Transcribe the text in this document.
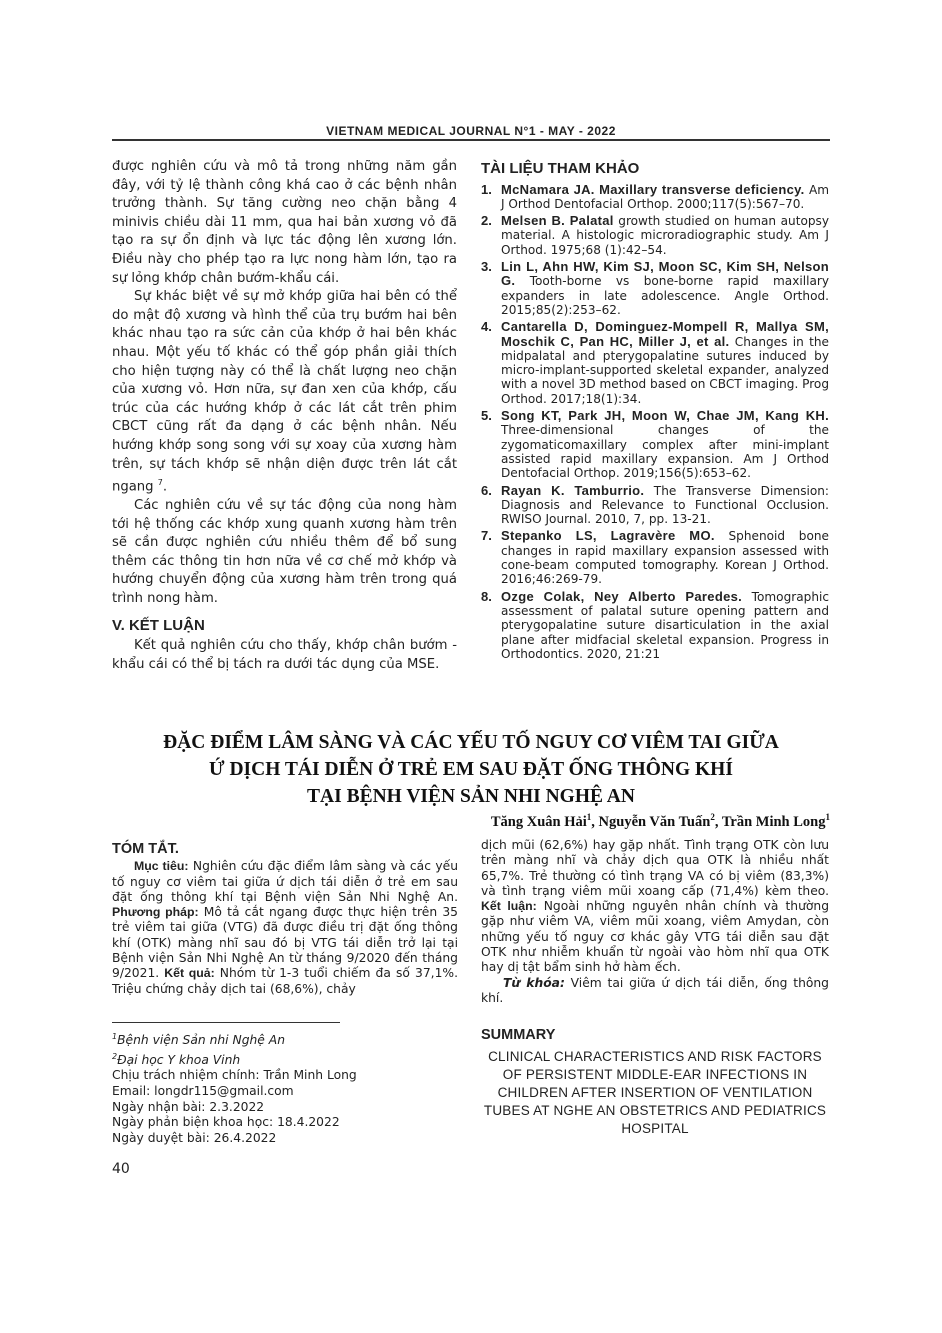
VIETNAM MEDICAL JOURNAL N°1 - MAY - 2022

được nghiên cứu và mô tả trong những năm gần đây, với tỷ lệ thành công khá cao ở các bệnh nhân trưởng thành. Sự tăng cường neo chặn bằng 4 minivis chiều dài 11 mm, qua hai bản xương vỏ đã tạo ra sự ổn định và lực tác động lên xương lớn. Điều này cho phép tạo ra lực nong hàm lớn, tạo ra sự lỏng khớp chân bướm-khẩu cái.

Sự khác biệt về sự mở khớp giữa hai bên có thể do mật độ xương và hình thể của trụ bướm hai bên khác nhau tạo ra sức cản của khớp ở hai bên khác nhau. Một yếu tố khác có thể góp phần giải thích cho hiện tượng này có thể là chất lượng neo chặn của xương vỏ. Hơn nữa, sự đan xen của khớp, cấu trúc của các hướng khớp ở các lát cắt trên phim CBCT cũng rất đa dạng ở các bệnh nhân. Nếu hướng khớp song song với sự xoay của xương hàm trên, sự tách khớp sẽ nhận diện được trên lát cắt ngang $^7$.

Các nghiên cứu về sự tác động của nong hàm tới hệ thống các khớp xung quanh xương hàm trên sẽ cần được nghiên cứu nhiều thêm để bổ sung thêm các thông tin hơn nữa về cơ chế mở khớp và hướng chuyển động của xương hàm trên trong quá trình nong hàm.

V. KẾT LUẬN

Kết quả nghiên cứu cho thấy, khớp chân bướm - khẩu cái có thể bị tách ra dưới tác dụng của MSE.

TÀI LIỆU THAM KHẢO
1. McNamara JA. Maxillary transverse deficiency. Am J Orthod Dentofacial Orthop. 2000;117(5):567–70.
2. Melsen B. Palatal growth studied on human autopsy material. A histologic microradiographic study. Am J Orthod. 1975;68 (1):42–54.
3. Lin L, Ahn HW, Kim SJ, Moon SC, Kim SH, Nelson G. Tooth-borne vs bone-borne rapid maxillary expanders in late adolescence. Angle Orthod. 2015;85(2):253–62.
4. Cantarella D, Dominguez-Mompell R, Mallya SM, Moschik C, Pan HC, Miller J, et al. Changes in the midpalatal and pterygopalatine sutures induced by micro-implant-supported skeletal expander, analyzed with a novel 3D method based on CBCT imaging. Prog Orthod. 2017;18(1):34.
5. Song KT, Park JH, Moon W, Chae JM, Kang KH. Three-dimensional changes of the zygomaticomaxillary complex after mini-implant assisted rapid maxillary expansion. Am J Orthod Dentofacial Orthop. 2019;156(5):653–62.
6. Rayan K. Tamburrio. The Transverse Dimension: Diagnosis and Relevance to Functional Occlusion. RWISO Journal. 2010, 7, pp. 13-21.
7. Stepanko LS, Lagravère MO. Sphenoid bone changes in rapid maxillary expansion assessed with cone-beam computed tomography. Korean J Orthod. 2016;46:269-79.
8. Ozge Colak, Ney Alberto Paredes. Tomographic assessment of palatal suture opening pattern and pterygopalatine suture disarticulation in the axial plane after midfacial skeletal expansion. Progress in Orthodontics. 2020, 21:21
ĐẶC ĐIỂM LÂM SÀNG VÀ CÁC YẾU TỐ NGUY CƠ VIÊM TAI GIỮA
Ứ DỊCH TÁI DIỄN Ở TRẺ EM SAU ĐẶT ỐNG THÔNG KHÍ
TẠI BỆNH VIỆN SẢN NHI NGHỆ AN
Tăng Xuân Hải$^1$, Nguyễn Văn Tuấn$^2$, Trần Minh Long$^1$
TÓM TẮT.

Mục tiêu: Nghiên cứu đặc điểm lâm sàng và các yếu tố nguy cơ viêm tai giữa ứ dịch tái diễn ở trẻ em sau đặt ống thông khí tại Bệnh viện Sản Nhi Nghệ An. Phương pháp: Mô tả cắt ngang được thực hiện trên 35 trẻ viêm tai giữa (VTG) đã được điều trị đặt ống thông khí (OTK) màng nhĩ sau đó bị VTG tái diễn trở lại tại Bệnh viện Sản Nhi Nghệ An từ tháng 9/2020 đến tháng 9/2021. Kết quả: Nhóm từ 1-3 tuổi chiếm đa số 37,1%. Triệu chứng chảy dịch tai (68,6%), chảy

dịch mũi (62,6%) hay gặp nhất. Tình trạng OTK còn lưu trên màng nhĩ và chảy dịch qua OTK là nhiều nhất 65,7%. Trẻ thường có tình trạng VA có bị viêm (83,3%) và tình trạng viêm mũi xoang cấp (71,4%) kèm theo. Kết luận: Ngoài những nguyên nhân chính và thường gặp như viêm VA, viêm mũi xoang, viêm Amydan, còn những yếu tố nguy cơ khác gây VTG tái diễn sau đặt OTK như nhiễm khuẩn từ ngoài vào hòm nhĩ qua OTK hay dị tật bẩm sinh hở hàm ếch.

Từ khóa: Viêm tai giữa ứ dịch tái diễn, ống thông khí.

SUMMARY
CLINICAL CHARACTERISTICS AND RISK FACTORS OF PERSISTENT MIDDLE-EAR INFECTIONS IN CHILDREN AFTER INSERTION OF VENTILATION TUBES AT NGHE AN OBSTETRICS AND PEDIATRICS HOSPITAL
$^1$Bệnh viện Sản nhi Nghệ An
$^2$Đại học Y khoa Vinh
Chịu trách nhiệm chính: Trần Minh Long
Email: longdr115@gmail.com
Ngày nhận bài: 2.3.2022
Ngày phản biện khoa học: 18.4.2022
Ngày duyệt bài: 26.4.2022
40
